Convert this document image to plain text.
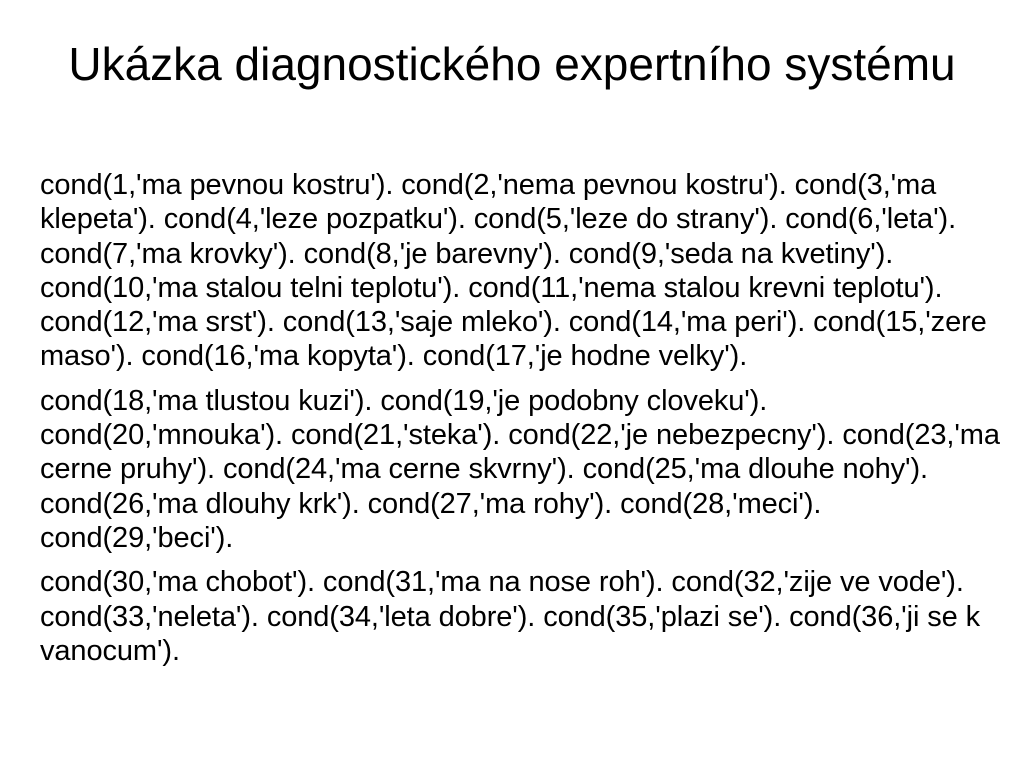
Ukázka diagnostického expertního systému

cond(1,'ma pevnou kostru'). cond(2,'nema pevnou kostru'). cond(3,'ma klepeta'). cond(4,'leze pozpatku'). cond(5,'leze do strany'). cond(6,'leta'). cond(7,'ma krovky'). cond(8,'je barevny'). cond(9,'seda na kvetiny'). cond(10,'ma stalou telni teplotu'). cond(11,'nema stalou krevni teplotu'). cond(12,'ma srst'). cond(13,'saje mleko'). cond(14,'ma peri'). cond(15,'zere maso'). cond(16,'ma kopyta'). cond(17,'je hodne velky').

cond(18,'ma tlustou kuzi'). cond(19,'je podobny cloveku'). cond(20,'mnouka'). cond(21,'steka'). cond(22,'je nebezpecny'). cond(23,'ma cerne pruhy'). cond(24,'ma cerne skvrny'). cond(25,'ma dlouhe nohy'). cond(26,'ma dlouhy krk'). cond(27,'ma rohy'). cond(28,'meci'). cond(29,'beci').

cond(30,'ma chobot'). cond(31,'ma na nose roh'). cond(32,'zije ve vode'). cond(33,'neleta'). cond(34,'leta dobre'). cond(35,'plazi se'). cond(36,'ji se k vanocum').
